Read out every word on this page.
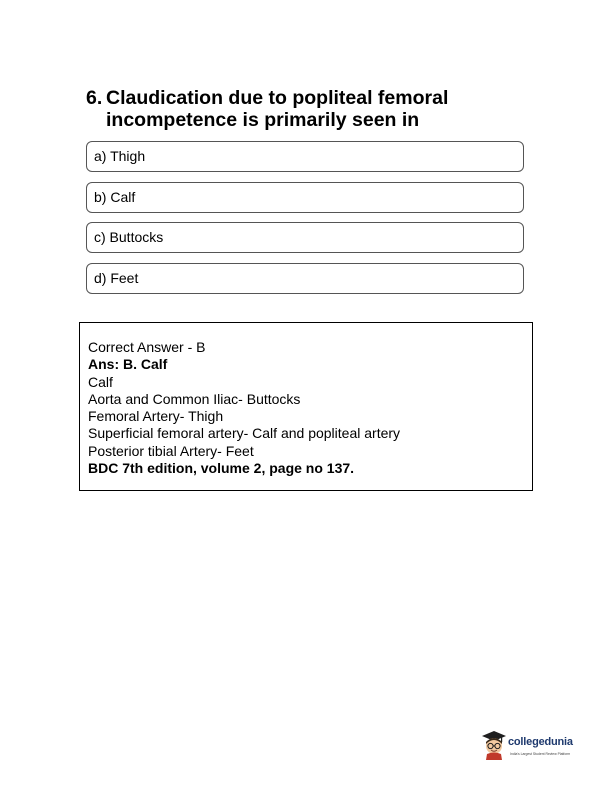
6. Claudication due to popliteal femoral
incompetence is primarily seen in
a) Thigh
b) Calf
c) Buttocks
d) Feet
Correct Answer - B
Ans: B. Calf
Calf
Aorta and Common Iliac- Buttocks
Femoral Artery- Thigh
Superficial femoral artery- Calf and popliteal artery
Posterior tibial Artery- Feet
BDC 7th edition, volume 2, page no 137.
collegedunia
India's Largest Student Review Platform
